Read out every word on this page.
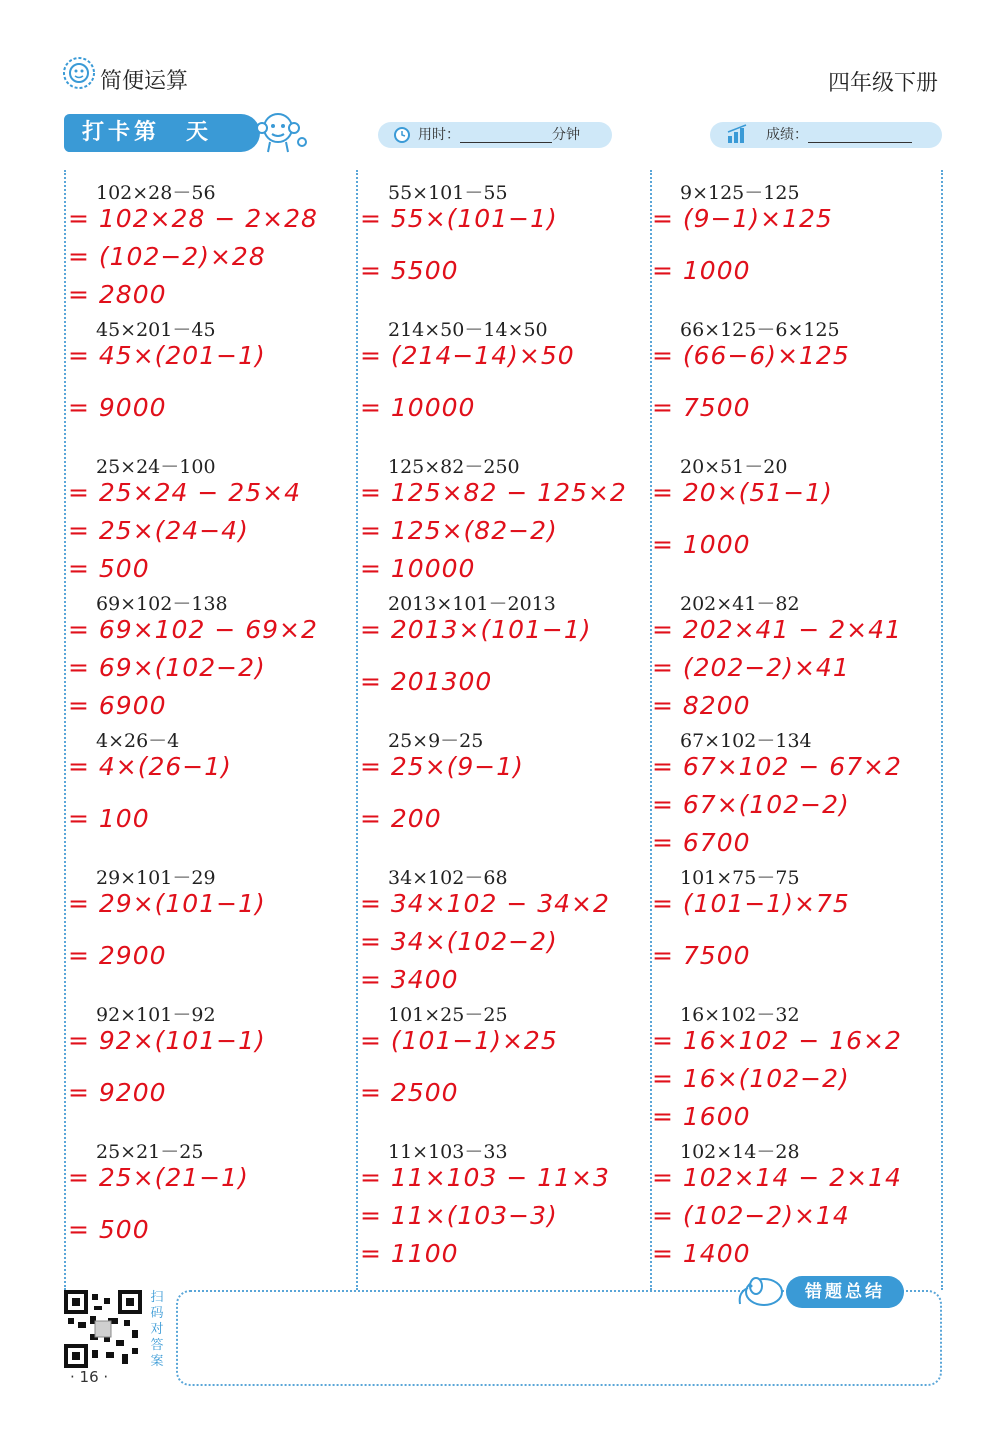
简便运算	四年级下册
打卡第　天	用时：	分钟	成绩：
102×28－56
= 102×28 − 2×28
= (102−2)×28
= 2800
45×201－45
= 45×(201−1)
= 9000
25×24－100
= 25×24 − 25×4
= 25×(24−4)
= 500
69×102－138
= 69×102 − 69×2
= 69×(102−2)
= 6900
4×26－4
= 4×(26−1)
= 100
29×101－29
= 29×(101−1)
= 2900
92×101－92
= 92×(101−1)
= 9200
25×21－25
= 25×(21−1)
= 500
55×101－55
= 55×(101−1)
= 5500
214×50－14×50
= (214−14)×50
= 10000
125×82－250
= 125×82 − 125×2
= 125×(82−2)
= 10000
2013×101－2013
= 2013×(101−1)
= 201300
25×9－25
= 25×(9−1)
= 200
34×102－68
= 34×102 − 34×2
= 34×(102−2)
= 3400
101×25－25
= (101−1)×25
= 2500
11×103－33
= 11×103 − 11×3
= 11×(103−3)
= 1100
9×125－125
= (9−1)×125
= 1000
66×125－6×125
= (66−6)×125
= 7500
20×51－20
= 20×(51−1)
= 1000
202×41－82
= 202×41 − 2×41
= (202−2)×41
= 8200
67×102－134
= 67×102 − 67×2
= 67×(102−2)
= 6700
101×75－75
= (101−1)×75
= 7500
16×102－32
= 16×102 − 16×2
= 16×(102−2)
= 1600
102×14－28
= 102×14 − 2×14
= (102−2)×14
= 1400
错题总结
扫码对答案
· 16 ·
